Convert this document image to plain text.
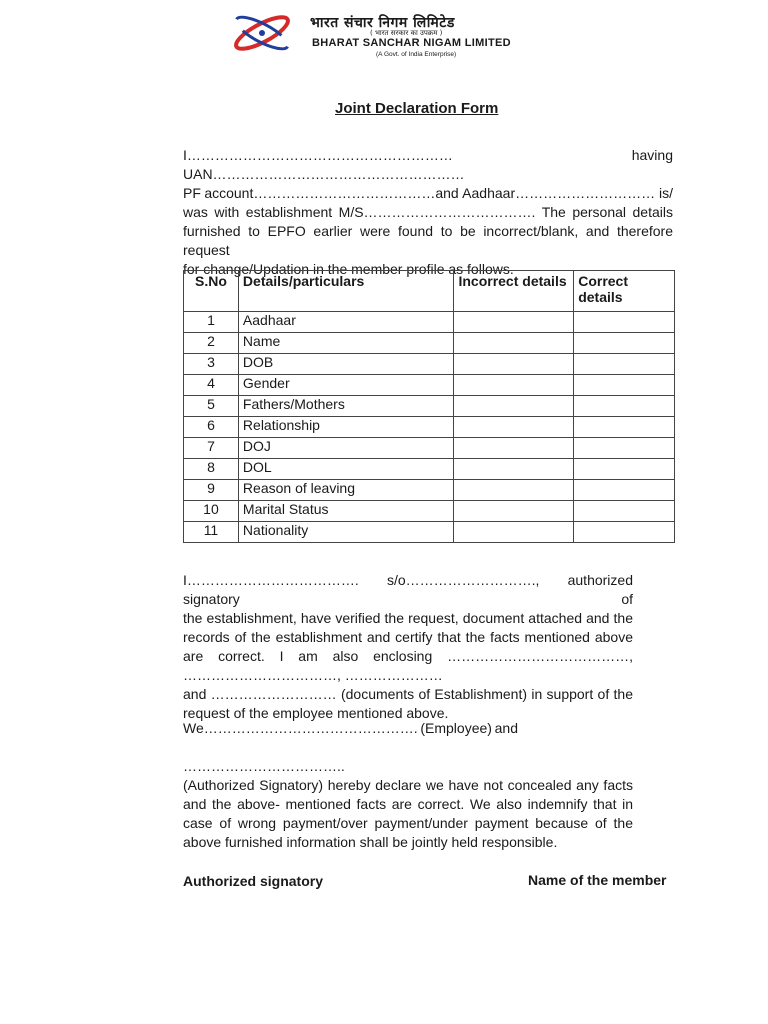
भारत संचार निगम लिमिटेड
( भारत सरकार का उपक्रम )
BHARAT SANCHAR NIGAM LIMITED
(A Govt. of India Enterprise)
Joint Declaration Form
I…………………………………………………	having
UAN………………………………………………
PF account…………………………………and Aadhaar………………………… is/
was with establishment M/S………………………………. The personal details
furnished to EPFO earlier were found to be incorrect/blank, and therefore request
for change/Updation in the member profile as follows.
S.No	Details/particulars	Incorrect details	Correct details
1	Aadhaar		
2	Name		
3	DOB		
4	Gender		
5	Fathers/Mothers		
6	Relationship		
7	DOJ		
8	DOL		
9	Reason of leaving		
10	Marital Status		
11	Nationality		
I………………………………. s/o………………………., authorized signatory of
the establishment, have verified the request, document attached and the
records of the establishment and certify that the facts mentioned above
are correct. I am also enclosing …………………………………,
……………………………, …………………
and ……………………… (documents of Establishment) in support of the
request of the employee mentioned above.
We………………………………………. (Employee) and
……………………………..
(Authorized Signatory) hereby declare we have not concealed any facts
and the above- mentioned facts are correct. We also indemnify that in
case of wrong payment/over payment/under payment because of the
above furnished information shall be jointly held responsible.
Authorized signatory	Name of the member
